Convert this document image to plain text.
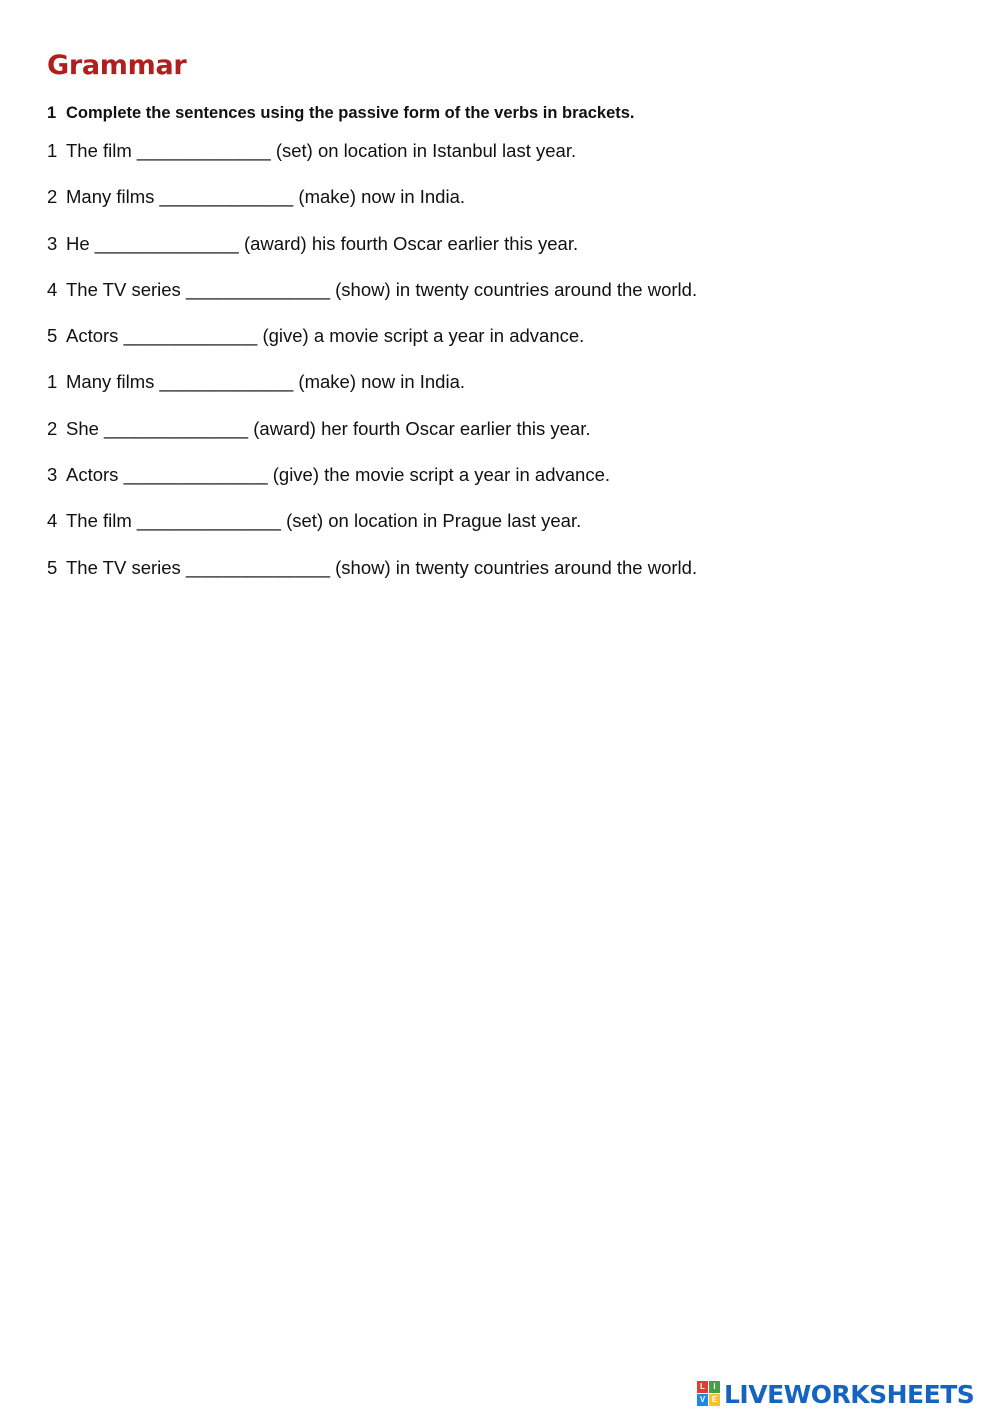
Grammar

1 Complete the sentences using the passive form of the verbs in brackets.

1 The film _____________ (set) on location in Istanbul last year.
2 Many films _____________ (make) now in India.
3 He ______________ (award) his fourth Oscar earlier this year.
4 The TV series ______________ (show) in twenty countries around the world.
5 Actors _____________ (give) a movie script a year in advance.
1 Many films _____________ (make) now in India.
2 She ______________ (award) her fourth Oscar earlier this year.
3 Actors ______________ (give) the movie script a year in advance.
4 The film ______________ (set) on location in Prague last year.
5 The TV series ______________ (show) in twenty countries around the world.
L	I
V E LIVEWORKSHEETS
